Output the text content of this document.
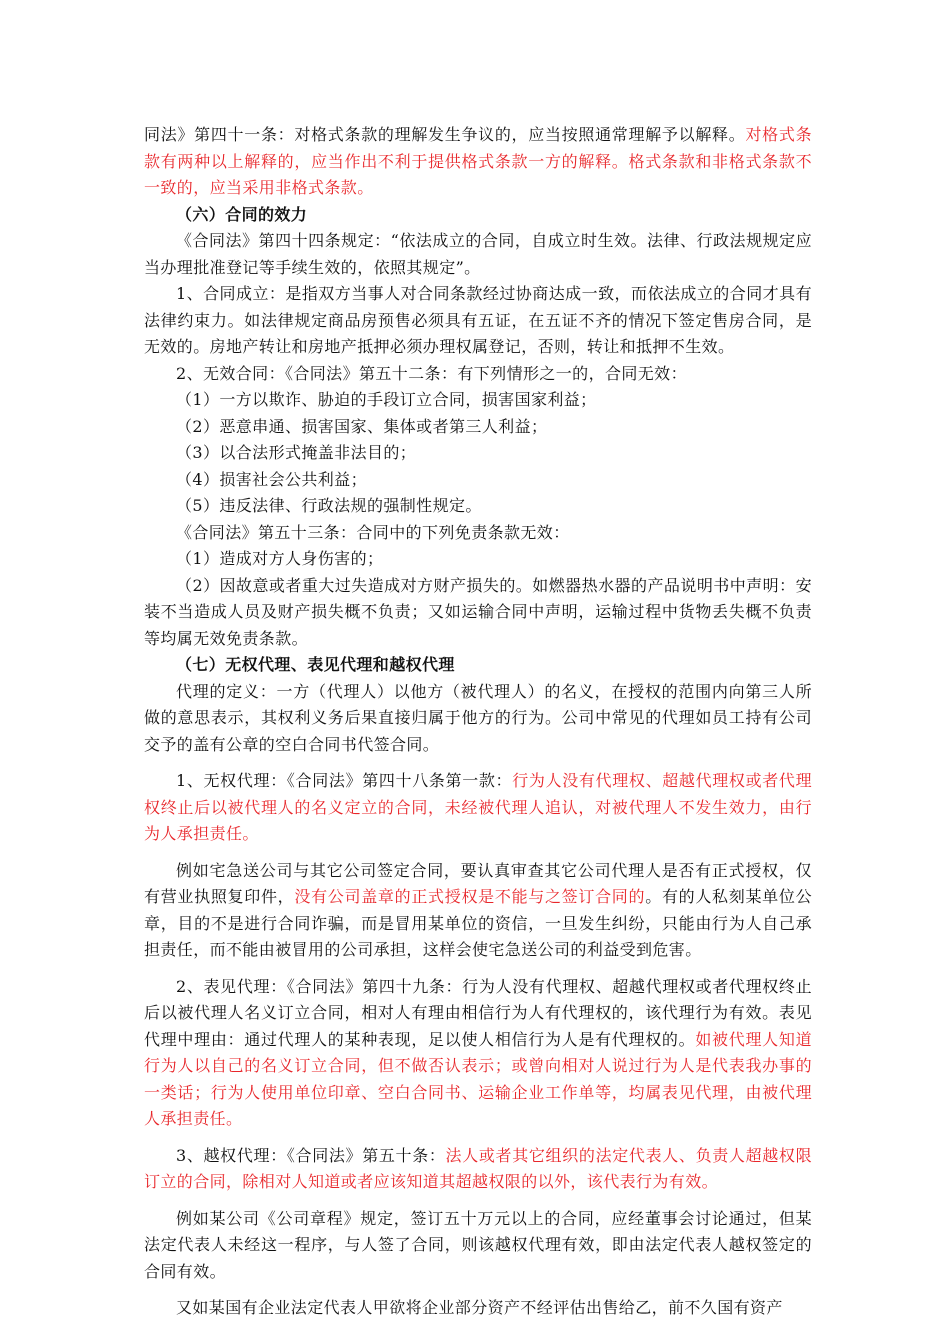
同法》第四十一条：对格式条款的理解发生争议的，应当按照通常理解予以解释。对格式条款有两种以上解释的，应当作出不利于提供格式条款一方的解释。格式条款和非格式条款不一致的，应当采用非格式条款。

（六）合同的效力

《合同法》第四十四条规定：“依法成立的合同，自成立时生效。法律、行政法规规定应当办理批准登记等手续生效的，依照其规定”。

1、合同成立：是指双方当事人对合同条款经过协商达成一致，而依法成立的合同才具有法律约束力。如法律规定商品房预售必须具有五证，在五证不齐的情况下签定售房合同，是无效的。房地产转让和房地产抵押必须办理权属登记，否则，转让和抵押不生效。

2、无效合同：《合同法》第五十二条：有下列情形之一的，合同无效：

（1）一方以欺诈、胁迫的手段订立合同，损害国家利益；

（2）恶意串通、损害国家、集体或者第三人利益；

（3）以合法形式掩盖非法目的；

（4）损害社会公共利益；

（5）违反法律、行政法规的强制性规定。

《合同法》第五十三条：合同中的下列免责条款无效：

（1）造成对方人身伤害的；

（2）因故意或者重大过失造成对方财产损失的。如燃器热水器的产品说明书中声明：安装不当造成人员及财产损失概不负责；又如运输合同中声明，运输过程中货物丢失概不负责等均属无效免责条款。

（七）无权代理、表见代理和越权代理

代理的定义：一方（代理人）以他方（被代理人）的名义，在授权的范围内向第三人所做的意思表示，其权利义务后果直接归属于他方的行为。公司中常见的代理如员工持有公司交予的盖有公章的空白合同书代签合同。

1、无权代理：《合同法》第四十八条第一款：行为人没有代理权、超越代理权或者代理权终止后以被代理人的名义定立的合同，未经被代理人追认，对被代理人不发生效力，由行为人承担责任。

例如宅急送公司与其它公司签定合同，要认真审查其它公司代理人是否有正式授权，仅有营业执照复印件，没有公司盖章的正式授权是不能与之签订合同的。有的人私刻某单位公章，目的不是进行合同诈骗，而是冒用某单位的资信，一旦发生纠纷，只能由行为人自己承担责任，而不能由被冒用的公司承担，这样会使宅急送公司的利益受到危害。

2、表见代理：《合同法》第四十九条：行为人没有代理权、超越代理权或者代理权终止后以被代理人名义订立合同，相对人有理由相信行为人有代理权的，该代理行为有效。表见代理中理由：通过代理人的某种表现，足以使人相信行为人是有代理权的。如被代理人知道行为人以自己的名义订立合同，但不做否认表示；或曾向相对人说过行为人是代表我办事的一类话；行为人使用单位印章、空白合同书、运输企业工作单等，均属表见代理，由被代理人承担责任。

3、越权代理：《合同法》第五十条：法人或者其它组织的法定代表人、负责人超越权限订立的合同，除相对人知道或者应该知道其超越权限的以外，该代表行为有效。

例如某公司《公司章程》规定，签订五十万元以上的合同，应经董事会讨论通过，但某法定代表人未经这一程序，与人签了合同，则该越权代理有效，即由法定代表人越权签定的合同有效。

又如某国有企业法定代表人甲欲将企业部分资产不经评估出售给乙，前不久国有资产
